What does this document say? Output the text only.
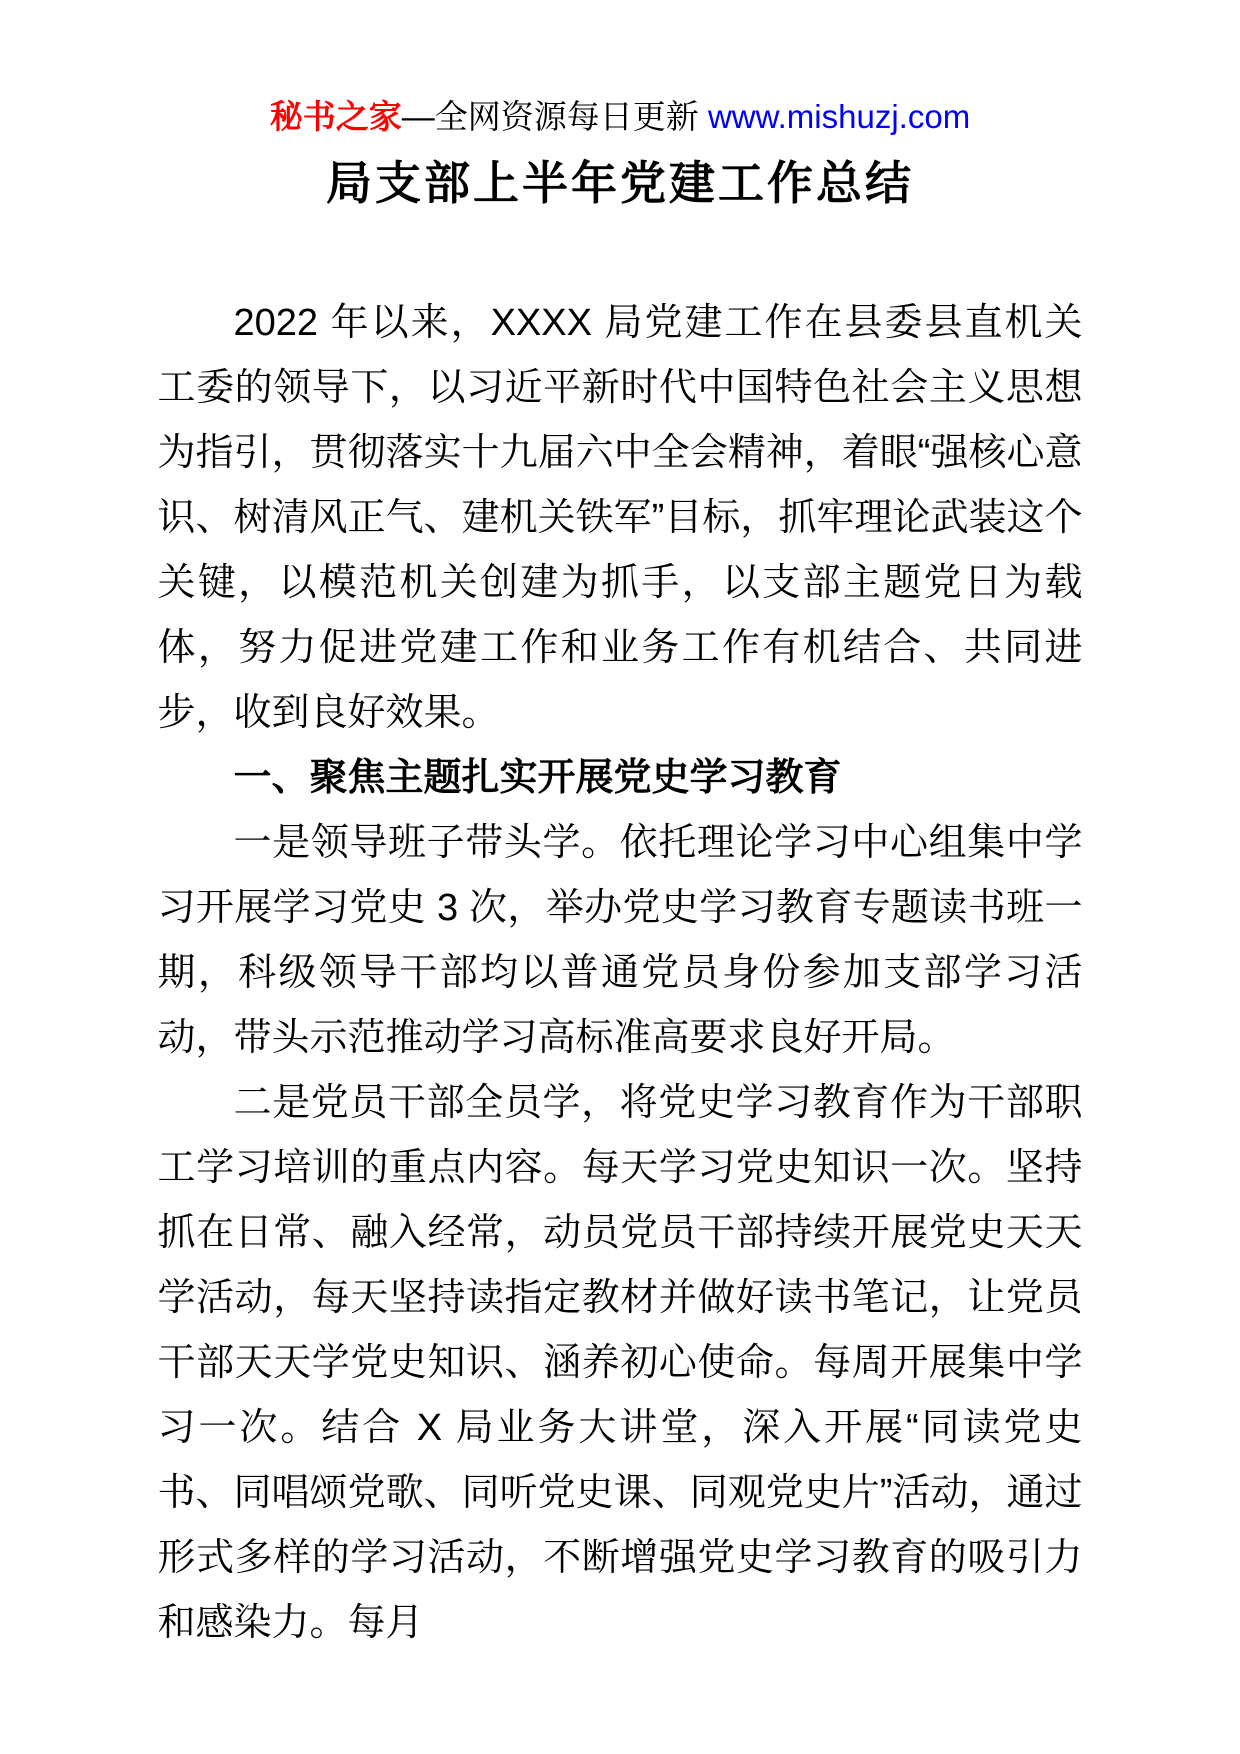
秘书之家—全网资源每日更新 www.mishuzj.com
局支部上半年党建工作总结

2022 年以来，XXXX 局党建工作在县委县直机关工委的领导下，以习近平新时代中国特色社会主义思想为指引，贯彻落实十九届六中全会精神，着眼“强核心意识、树清风正气、建机关铁军”目标，抓牢理论武装这个关键，以模范机关创建为抓手，以支部主题党日为载体，努力促进党建工作和业务工作有机结合、共同进步，收到良好效果。

一、聚焦主题扎实开展党史学习教育

一是领导班子带头学。依托理论学习中心组集中学习开展学习党史 3 次，举办党史学习教育专题读书班一期，科级领导干部均以普通党员身份参加支部学习活动，带头示范推动学习高标准高要求良好开局。

二是党员干部全员学，将党史学习教育作为干部职工学习培训的重点内容。每天学习党史知识一次。坚持抓在日常、融入经常，动员党员干部持续开展党史天天学活动，每天坚持读指定教材并做好读书笔记，让党员干部天天学党史知识、涵养初心使命。每周开展集中学习一次。结合 X 局业务大讲堂，深入开展“同读党史书、同唱颂党歌、同听党史课、同观党史片”活动，通过形式多样的学习活动，不断增强党史学习教育的吸引力和感染力。每月
